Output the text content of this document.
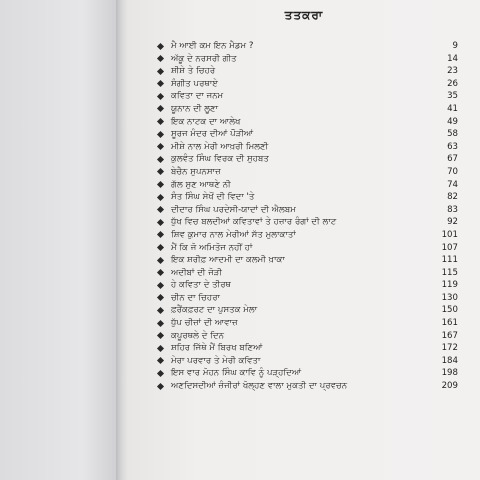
ਤਤਕਰਾ
ਮੈ ਆਈ ਕਮ ਇਨ ਮੈਡਮ ?	9
ਅੱਕੂ ਦੇ ਨਰਸਰੀ ਗੀਤ	14
ਸ਼ੀਸ਼ੇ ਤੇ ਚਿਹਰੇ	23
ਸੰਗੀਤ ਪਰਥਾਏ	26
ਕਵਿਤਾ ਦਾ ਜਨਮ	35
ਯੂਨਾਨ ਦੀ ਲੂਣਾ	41
ਇਕ ਨਾਟਕ ਦਾ ਆਲੇਖ	49
ਸੂਰਜ ਮੰਦਰ ਦੀਆਂ ਪੌੜੀਆਂ	58
ਮੀਸ਼ੇ ਨਾਲ ਮੇਰੀ ਆਖ਼ਰੀ ਮਿਲਣੀ	63
ਕੁਲਵੰਤ ਸਿੰਘ ਵਿਰਕ ਦੀ ਸੁਹਬਤ	67
ਬੇਚੈਨ ਸੁਪਨਸਾਜ਼	70
ਗੱਲ ਸੁਣ ਆਥਣੇ ਨੀ	74
ਸੰਤ ਸਿੰਘ ਸੇਖੋਂ ਦੀ ਵਿਦਾ 'ਤੇ	82
ਦੀਦਾਰ ਸਿੰਘ ਪਰਦੇਸੀ-ਯਾਦਾਂ ਦੀ ਐਲਬਮ	83
ਧੁੱਖ ਵਿਚ ਬਲਦੀਆਂ ਕਵਿਤਾਵਾਂ ਤੇ ਹਜ਼ਾਰ ਰੰਗਾਂ ਦੀ ਲਾਟ	92
ਸ਼ਿਵ ਕੁਮਾਰ ਨਾਲ ਮੇਰੀਆਂ ਸੱਤ ਮੁਲਾਕਾਤਾਂ	101
ਮੈਂ ਕਿ ਜੋ ਅਮਿਤੋਜ ਨਹੀਂ ਹਾਂ	107
ਇਕ ਸ਼ਰੀਫ਼ ਆਦਮੀ ਦਾ ਕਲਮੀ ਖ਼ਾਕਾ	111
ਅਦੀਬਾਂ ਦੀ ਜੋੜੀ	115
ਹੇ ਕਵਿਤਾ ਦੇ ਤੀਰਥ	119
ਚੀਨ ਦਾ ਚਿਹਰਾ	130
ਫ਼ਰੈਂਕਫ਼ਰਟ ਦਾ ਪੁਸਤਕ ਮੇਲਾ	150
ਧੁੱਪ ਚੀਜ਼ਾਂ ਦੀ ਆਵਾਜ਼	161
ਕਪੂਰਥਲੇ ਦੇ ਦਿਨ	167
ਸ਼ਹਿਰ ਜਿੱਥੇ ਮੈਂ ਬਿਰਖ ਬਣਿਆਂ	172
ਮੇਰਾ ਪਰਵਾਰ ਤੇ ਮੇਰੀ ਕਵਿਤਾ	184
ਇਸ ਵਾਰ ਮੋਹਨ ਸਿੰਘ ਕਾਵਿ ਨੂੰ ਪੜ੍ਹਦਿਆਂ	198
ਅਣਦਿਸਦੀਆਂ ਜ਼ੰਜੀਰਾਂ ਖੋਲ੍ਹਣ ਵਾਲਾ ਮੁਕਤੀ ਦਾ ਪ੍ਰਵਚਨ	209
